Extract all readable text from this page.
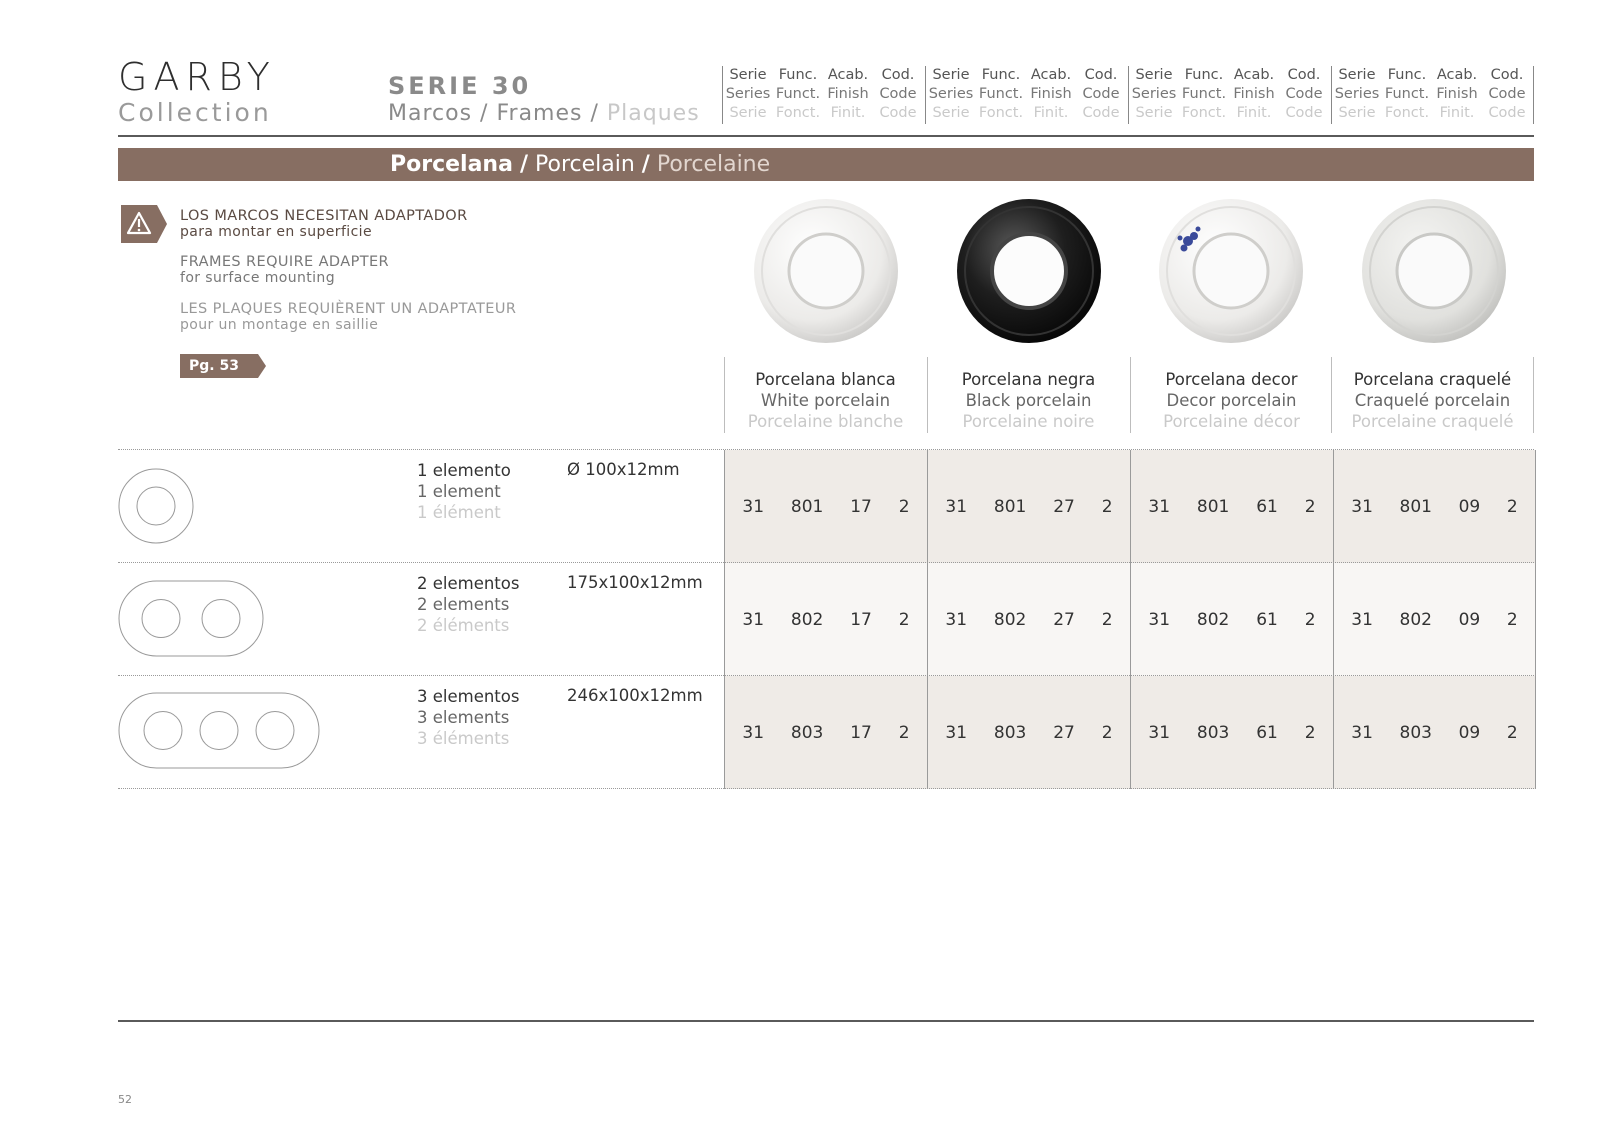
GARBY
Collection
SERIE 30
Marcos / Frames / Plaques
Serie
Series
Serie
Func.
Funct.
Fonct.
Acab.
Finish
Finit.
Cod.
Code
Code
Serie
Series
Serie
Func.
Funct.
Fonct.
Acab.
Finish
Finit.
Cod.
Code
Code
Serie
Series
Serie
Func.
Funct.
Fonct.
Acab.
Finish
Finit.
Cod.
Code
Code
Serie
Series
Serie
Func.
Funct.
Fonct.
Acab.
Finish
Finit.
Cod.
Code
Code
Porcelana / Porcelain / Porcelaine
LOS MARCOS NECESITAN ADAPTADOR
para montar en superficie
FRAMES REQUIRE ADAPTER
for surface mounting
LES PLAQUES REQUIÈRENT UN ADAPTATEUR
pour un montage en saillie
Pg. 53
Porcelana blanca
White porcelain
Porcelaine blanche
Porcelana negra
Black porcelain
Porcelaine noire
Porcelana decor
Decor porcelain
Porcelaine décor
Porcelana craquelé
Craquelé porcelain
Porcelaine craquelé
1 elemento
1 element
1 élément
Ø 100x12mm
31 801 17 2 31 801 27 2 31 801 61 2 31 801 09 2
2 elementos
2 elements
2 éléments
175x100x12mm
31 802 17 2 31 802 27 2 31 802 61 2 31 802 09 2
3 elementos
3 elements
3 éléments
246x100x12mm
31 803 17 2 31 803 27 2 31 803 61 2 31 803 09 2
52
